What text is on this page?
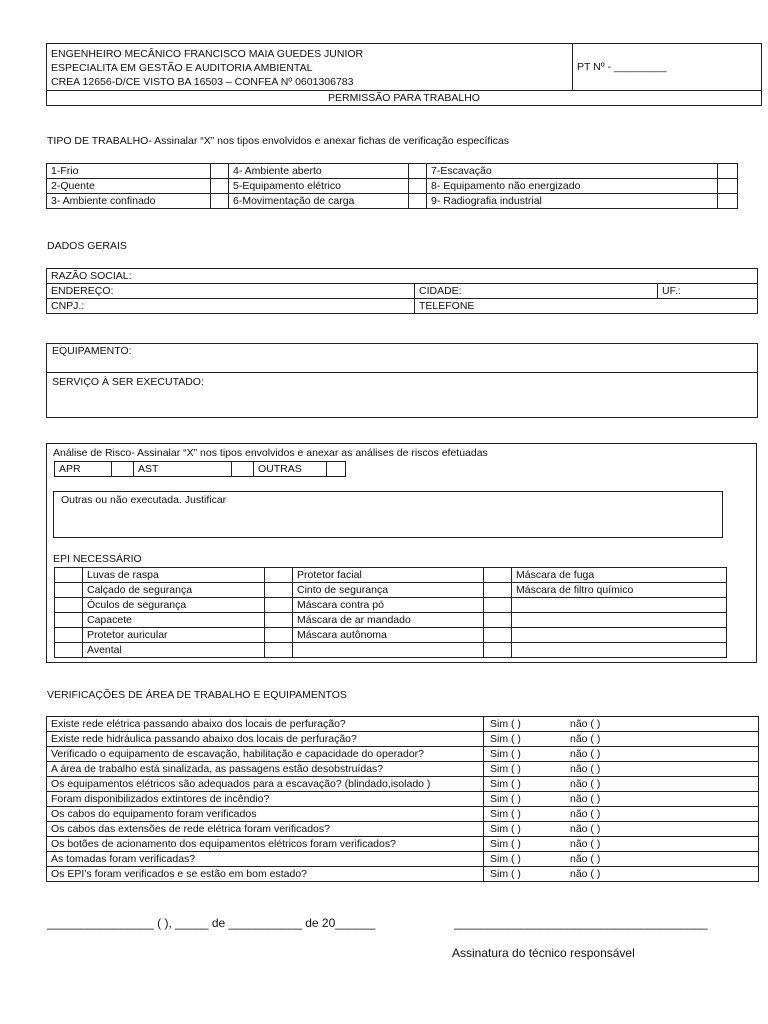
ENGENHEIRO MECÂNICO FRANCISCO MAIA GUEDES JUNIOR
ESPECIALITA EM GESTÃO E AUDITORIA AMBIENTAL
CREA 12656-D/CE VISTO BA 16503 – CONFEA Nº 0601306783
	PT Nº - _________
PERMISSÃO PARA TRABALHO
TIPO DE TRABALHO- Assinalar “X” nos tipos envolvidos e anexar fichas de verificação específicas
1-Frio		4- Ambiente aberto		7-Escavação	
2-Quente		5-Equipamento elétrico		8- Equipamento não energizado	
3- Ambiente confinado		6-Movimentação de carga		9- Radiografia industrial	
DADOS GERAIS
RAZÃO SOCIAL:		
ENDEREÇO:	CIDADE:	UF.:
CNPJ.:	TELEFONE	
EQUIPAMENTO:
SERVIÇO À SER EXECUTADO:
Análise de Risco- Assinalar “X” nos tipos envolvidos e anexar as análises de riscos efetuadas
APR		AST		OUTRAS	
Outras ou não executada. Justificar
EPI NECESSÁRIO
	Luvas de raspa		Protetor facial		Máscara de fuga
	Calçado de segurança		Cinto de segurança		Máscara de filtro químico
	Óculos de segurança		Máscara contra pó		
	Capacete		Máscara de ar mandado		
	Protetor auricular		Máscara autônoma		
	Avental				
VERIFICAÇÕES DE ÁREA DE TRABALHO E EQUIPAMENTOS
Existe rede elétrica passando abaixo dos locais de perfuração?	Sim ( ) não ( )
Existe rede hidráulica passando abaixo dos locais de perfuração?	Sim ( ) não ( )
Verificado o equipamento de escavação, habilitação e capacidade do operador?	Sim ( ) não ( )
A área de trabalho está sinalizada, as passagens estão desobstruídas?	Sim ( ) não ( )
Os equipamentos elétricos são adequados para a escavação? (blindado,isolado )	Sim ( ) não ( )
Foram disponibilizados extintores de incêndio?	Sim ( ) não ( )
Os cabos do equipamento foram verificados	Sim ( ) não ( )
Os cabos das extensões de rede elétrica foram verificados?	Sim ( ) não ( )
Os botões de acionamento dos equipamentos elétricos foram verificados?	Sim ( ) não ( )
As tomadas foram verificadas?	Sim ( ) não ( )
Os EPI’s foram verificados e se estão em bom estado?	Sim ( ) não ( )
________________ ( ), _____ de ___________ de 20______	______________________________________
Assinatura do técnico responsável
